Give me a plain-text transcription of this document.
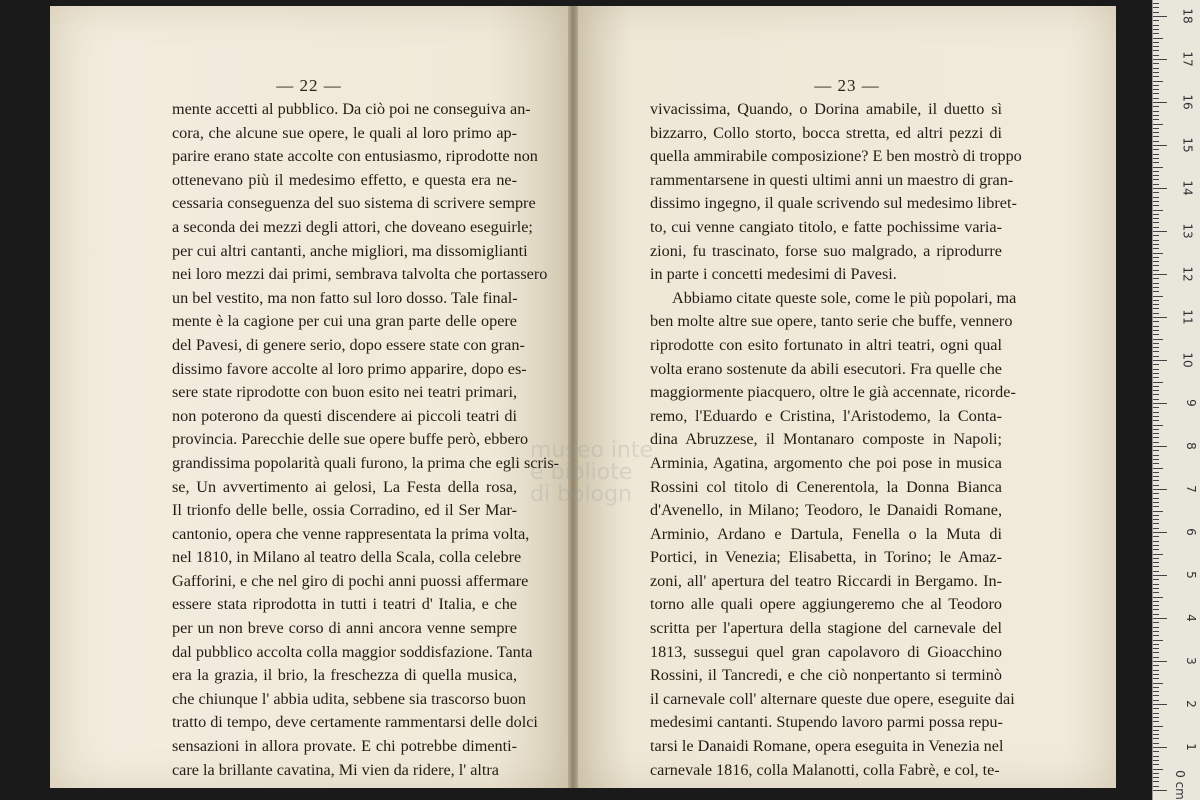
— 22 —
mente accetti al pubblico. Da ciò poi ne conseguiva an-
cora, che alcune sue opere, le quali al loro primo ap-
parire erano state accolte con entusiasmo, riprodotte non
ottenevano più il medesimo effetto, e questa era ne-
cessaria conseguenza del suo sistema di scrivere sempre
a seconda dei mezzi degli attori, che doveano eseguirle;
per cui altri cantanti, anche migliori, ma dissomiglianti
nei loro mezzi dai primi, sembrava talvolta che portassero
un bel vestito, ma non fatto sul loro dosso. Tale final-
mente è la cagione per cui una gran parte delle opere
del Pavesi, di genere serio, dopo essere state con gran-
dissimo favore accolte al loro primo apparire, dopo es-
sere state riprodotte con buon esito nei teatri primari,
non poterono da questi discendere ai piccoli teatri di
provincia. Parecchie delle sue opere buffe però, ebbero
grandissima popolarità quali furono, la prima che egli scris-
se, Un avvertimento ai gelosi, La Festa della rosa,
Il trionfo delle belle, ossia Corradino, ed il Ser Mar-
cantonio, opera che venne rappresentata la prima volta,
nel 1810, in Milano al teatro della Scala, colla celebre
Gafforini, e che nel giro di pochi anni puossi affermare
essere stata riprodotta in tutti i teatri d' Italia, e che
per un non breve corso di anni ancora venne sempre
dal pubblico accolta colla maggior soddisfazione. Tanta
era la grazia, il brio, la freschezza di quella musica,
che chiunque l' abbia udita, sebbene sia trascorso buon
tratto di tempo, deve certamente rammentarsi delle dolci
sensazioni in allora provate. E chi potrebbe dimenti-
care la brillante cavatina, Mi vien da ridere, l' altra
— 23 —
vivacissima, Quando, o Dorina amabile, il duetto sì
bizzarro, Collo storto, bocca stretta, ed altri pezzi di
quella ammirabile composizione? E ben mostrò di troppo
rammentarsene in questi ultimi anni un maestro di gran-
dissimo ingegno, il quale scrivendo sul medesimo libret-
to, cui venne cangiato titolo, e fatte pochissime varia-
zioni, fu trascinato, forse suo malgrado, a riprodurre
in parte i concetti medesimi di Pavesi.
Abbiamo citate queste sole, come le più popolari, ma
ben molte altre sue opere, tanto serie che buffe, vennero
riprodotte con esito fortunato in altri teatri, ogni qual
volta erano sostenute da abili esecutori. Fra quelle che
maggiormente piacquero, oltre le già accennate, ricorde-
remo, l'Eduardo e Cristina, l'Aristodemo, la Conta-
dina Abruzzese, il Montanaro composte in Napoli;
Arminia, Agatina, argomento che poi pose in musica
Rossini col titolo di Cenerentola, la Donna Bianca
d'Avenello, in Milano; Teodoro, le Danaidi Romane,
Arminio, Ardano e Dartula, Fenella o la Muta di
Portici, in Venezia; Elisabetta, in Torino; le Amaz-
zoni, all' apertura del teatro Riccardi in Bergamo. In-
torno alle quali opere aggiungeremo che al Teodoro
scritta per l'apertura della stagione del carnevale del
1813, sussegui quel gran capolavoro di Gioacchino
Rossini, il Tancredi, e che ciò nonpertanto si terminò
il carnevale coll' alternare queste due opere, eseguite dai
medesimi cantanti. Stupendo lavoro parmi possa repu-
tarsi le Danaidi Romane, opera eseguita in Venezia nel
carnevale 1816, colla Malanotti, colla Fabrè, e col, te-
museo inte
e bibliote
di bologn
0 cm
1
2
3
4
5
6
7
8
9
10
11
12
13
14
15
16
17
18
